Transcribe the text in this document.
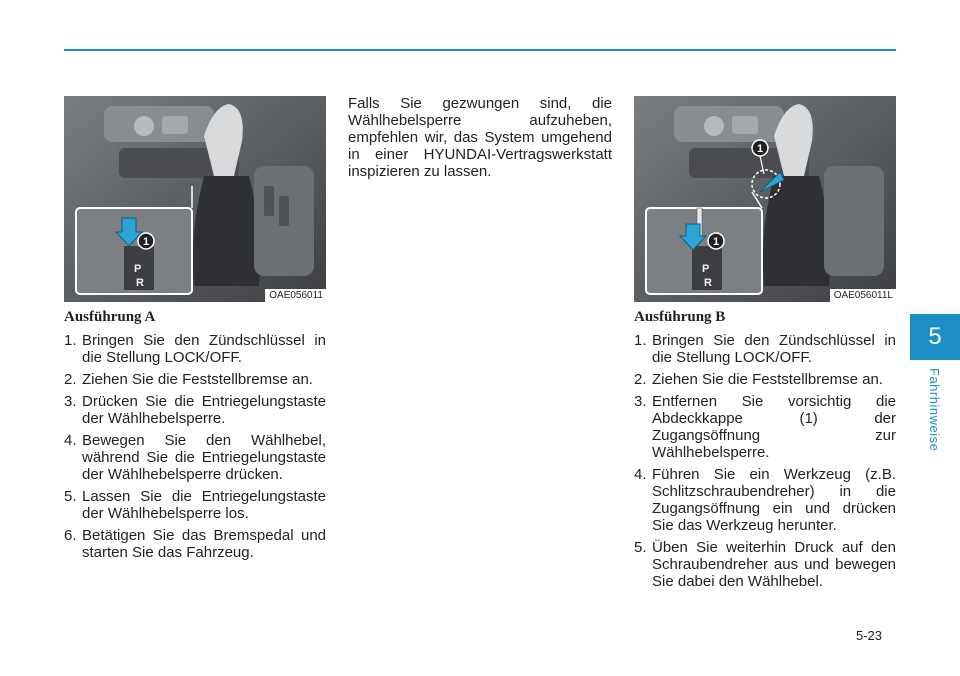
5
Fahrhinweise
1
P
R
OAE056011
1
1
P
R
OAE056011L
Ausführung A
1. Bringen Sie den Zündschlüssel in die Stellung LOCK/OFF.
2. Ziehen Sie die Feststellbremse an.
3. Drücken Sie die Entriegelungstaste der Wählhebelsperre.
4. Bewegen Sie den Wählhebel, während Sie die Entriegelungstaste der Wählhebelsperre drücken.
5. Lassen Sie die Entriegelungstaste der Wählhebelsperre los.
6. Betätigen Sie das Bremspedal und starten Sie das Fahrzeug.

Falls Sie gezwungen sind, die Wählhebelsperre aufzuheben, empfehlen wir, das System umgehend in einer HYUNDAI-Vertragswerkstatt inspizieren zu lassen.

Ausführung B
1. Bringen Sie den Zündschlüssel in die Stellung LOCK/OFF.
2. Ziehen Sie die Feststellbremse an.
3. Entfernen Sie vorsichtig die Abdeckkappe (1) der Zugangsöffnung zur Wählhebelsperre.
4. Führen Sie ein Werkzeug (z.B. Schlitzschraubendreher) in die Zugangsöffnung ein und drücken Sie das Werkzeug herunter.
5. Üben Sie weiterhin Druck auf den Schraubendreher aus und bewegen Sie dabei den Wählhebel.
5-23
